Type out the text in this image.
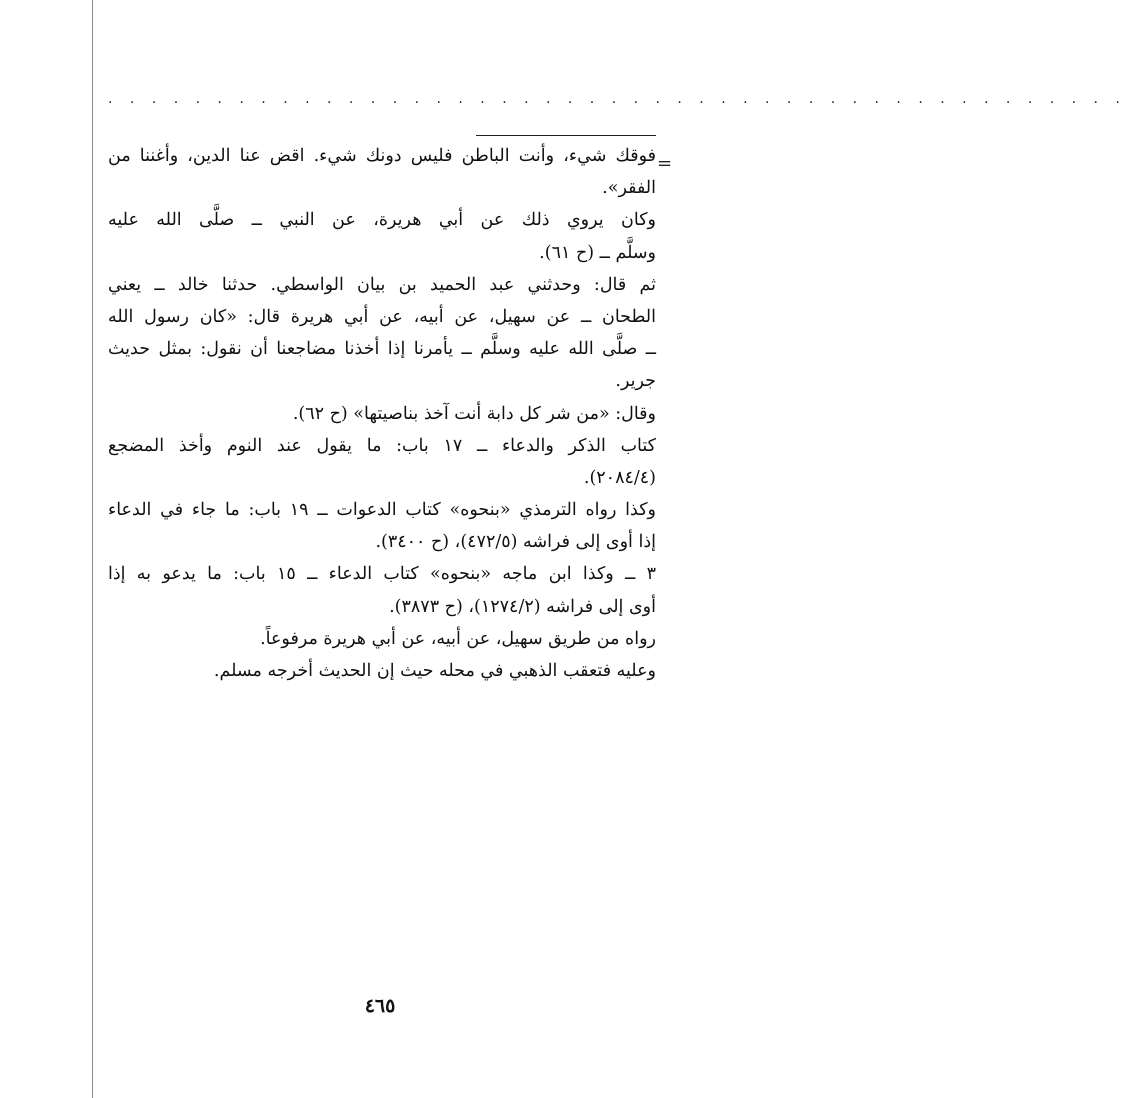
. . . . . . . . . . . . . . . . . . . . . . . . . . . . . . . . . . . . . . . . . . . . . . .
=
فوقك شيء، وأنت الباطن فليس دونك شيء. اقض عنا الدين، وأغننا من
الفقر».
وكان يروي ذلك عن أبي هريرة، عن النبي ــ صلَّى الله عليه
وسلَّم ــ (ح ٦١).
ثم قال: وحدثني عبد الحميد بن بيان الواسطي. حدثنا خالد ــ يعني
الطحان ــ عن سهيل، عن أبيه، عن أبي هريرة قال: «كان رسول الله
ــ صلَّى الله عليه وسلَّم ــ يأمرنا إذا أخذنا مضاجعنا أن نقول: بمثل حديث
جرير.
وقال: «من شر كل دابة أنت آخذ بناصيتها» (ح ٦٢).
كتاب الذكر والدعاء ــ ١٧ باب: ما يقول عند النوم وأخذ المضجع
(٢٠٨٤/٤).
وكذا رواه الترمذي «بنحوه» كتاب الدعوات ــ ١٩ باب: ما جاء في الدعاء
إذا أوى إلى فراشه (٤٧٢/٥)، (ح ٣٤٠٠).
٣ ــ وكذا ابن ماجه «بنحوه» كتاب الدعاء ــ ١٥ باب: ما يدعو به إذا
أوى إلى فراشه (١٢٧٤/٢)، (ح ٣٨٧٣).
رواه من طريق سهيل، عن أبيه، عن أبي هريرة مرفوعاً.
وعليه فتعقب الذهبي في محله حيث إن الحديث أخرجه مسلم.
٤٦٥
